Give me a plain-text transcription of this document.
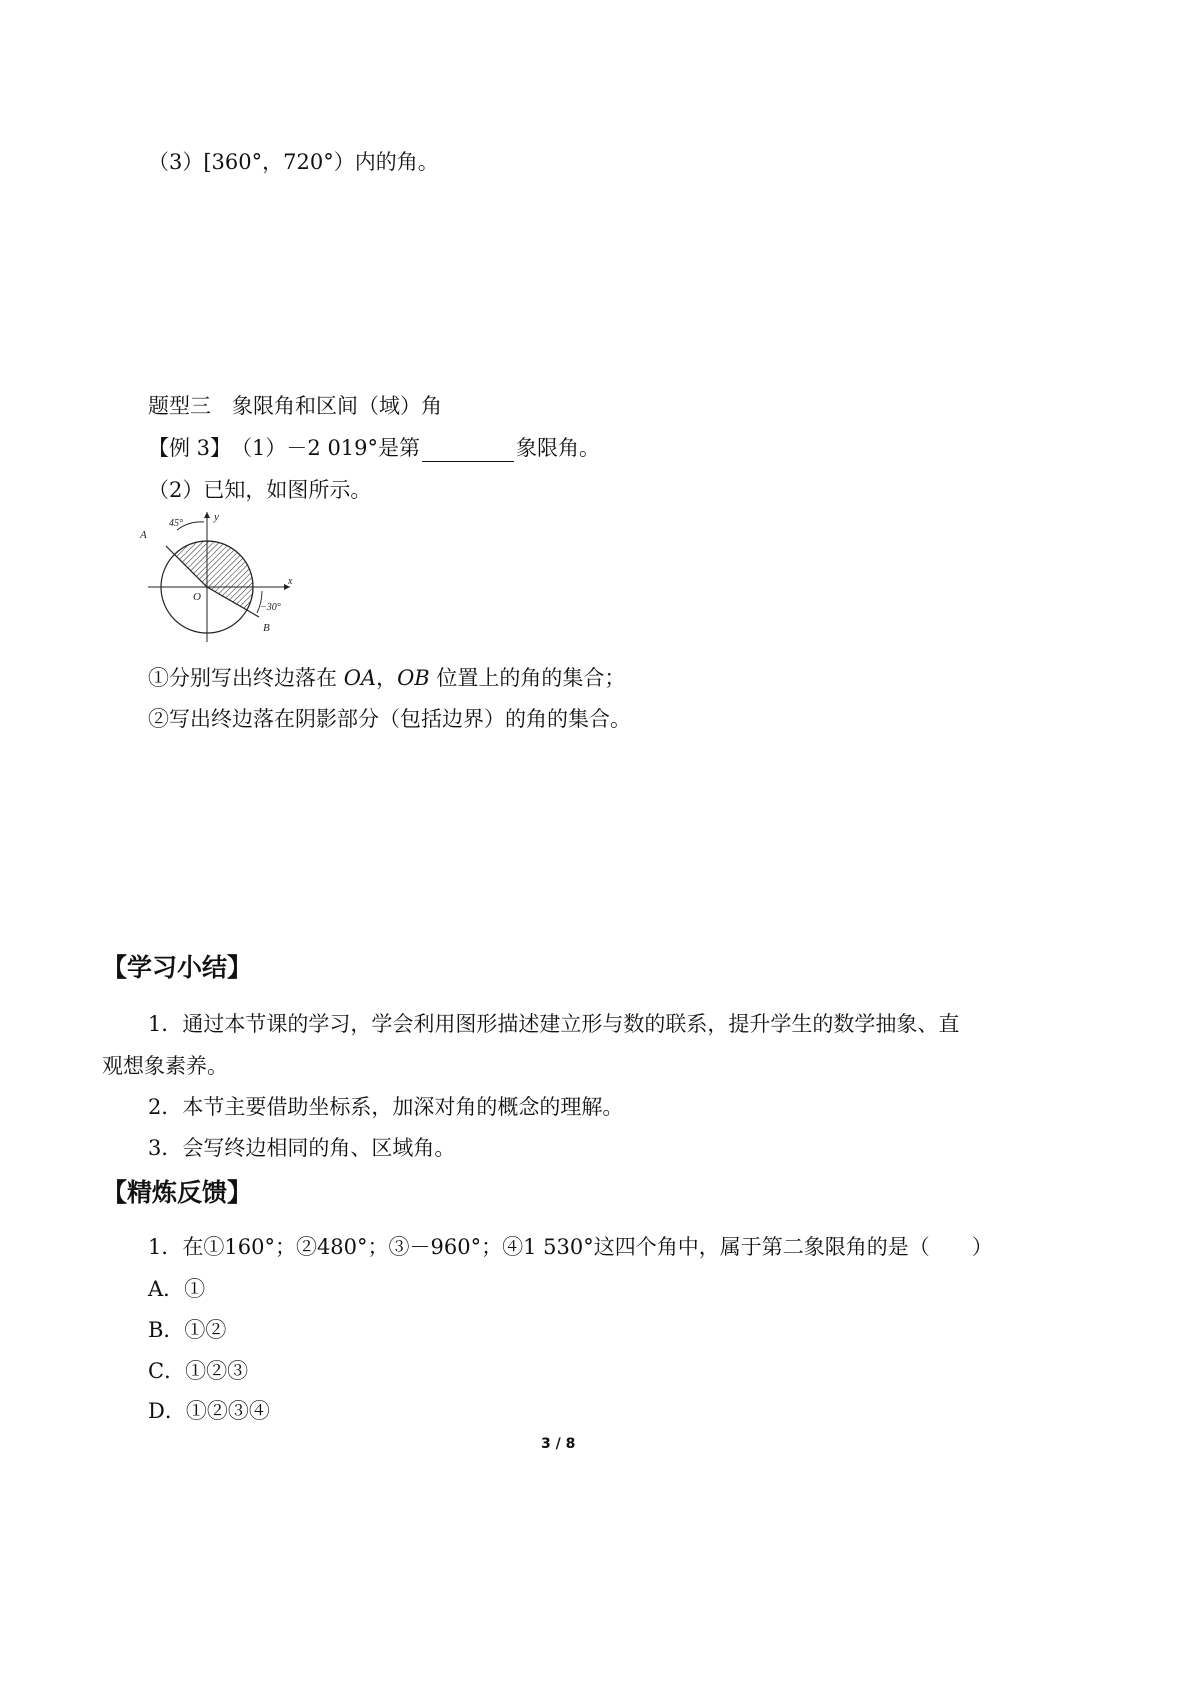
（3）[360°，720°）内的角。
题型三　象限角和区间（域）角
【例 3】　（1）－2 019°是第	象限角。
（2）已知，如图所示。
45°
y
x
A
O
B
−30°
①分别写出终边落在 OA，OB 位置上的角的集合；
②写出终边落在阴影部分（包括边界）的角的集合。
【学习小结】
1．通过本节课的学习，学会利用图形描述建立形与数的联系，提升学生的数学抽象、直
观想象素养。
2．本节主要借助坐标系，加深对角的概念的理解。
3．会写终边相同的角、区域角。
【精炼反馈】
1．在①160°；②480°；③－960°；④1 530°这四个角中，属于第二象限角的是（　　）
A．①
B．①②
C．①②③
D．①②③④
3 / 8
